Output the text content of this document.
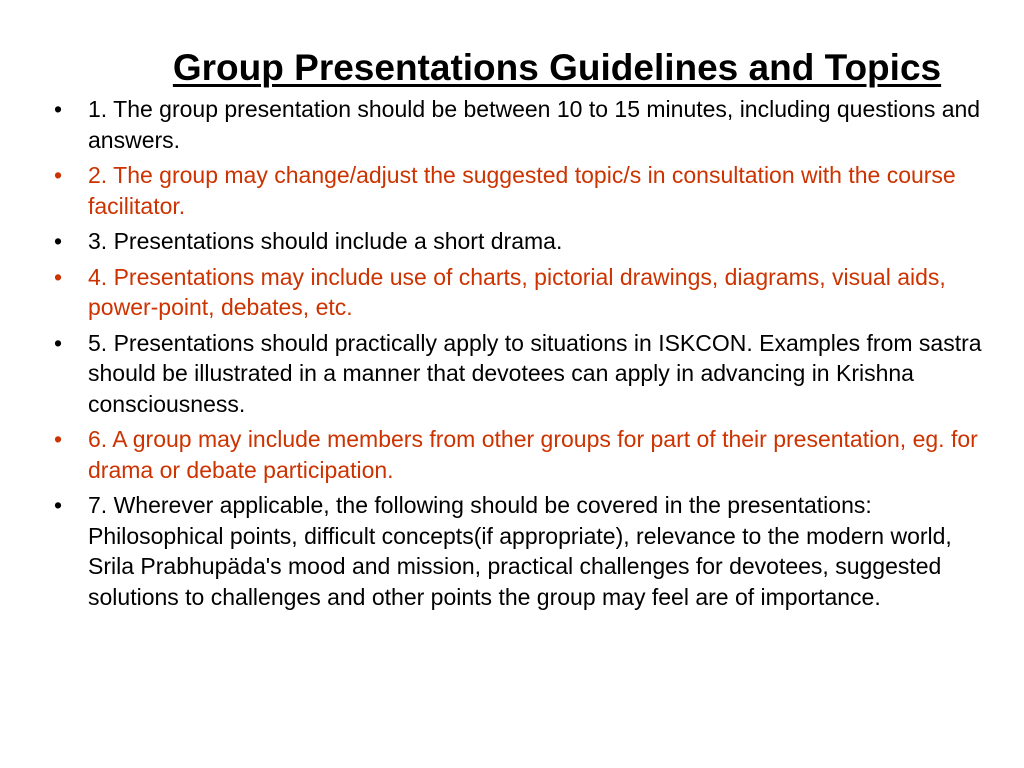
Group Presentations Guidelines and Topics
• 1. The group presentation should be between 10 to 15 minutes, including questions and answers.
• 2. The group may change/adjust the suggested topic/s in consultation with the course facilitator.
• 3. Presentations should include a short drama.
• 4. Presentations may include use of charts, pictorial drawings, diagrams, visual aids, power-point, debates, etc.
• 5. Presentations should practically apply to situations in ISKCON. Examples from sastra should be illustrated in a manner that devotees can apply in advancing in Krishna consciousness.
• 6. A group may include members from other groups for part of their presentation, eg. for drama or debate participation.
• 7. Wherever applicable, the following should be covered in the presentations: Philosophical points, difficult concepts(if appropriate), relevance to the modern world, Srila Prabhupäda's mood and mission, practical challenges for devotees, suggested solutions to challenges and other points the group may feel are of importance.
